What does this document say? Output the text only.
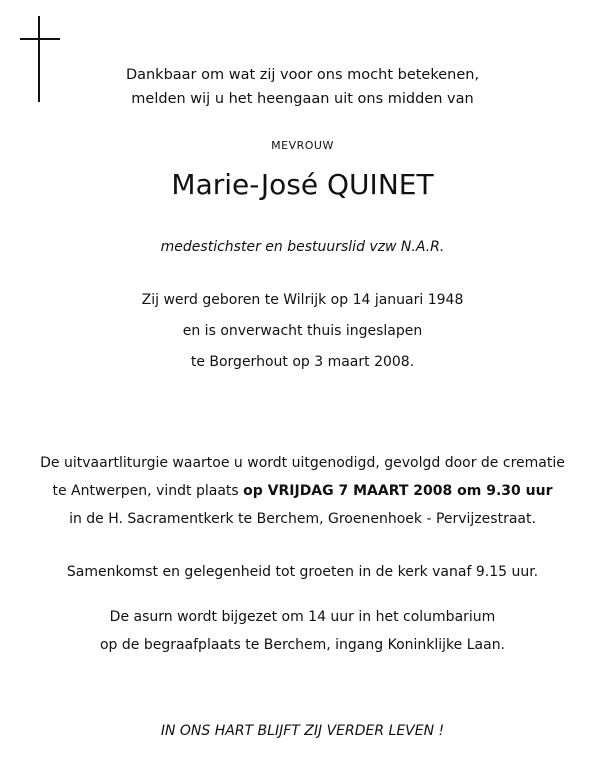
Dankbaar om wat zij voor ons mocht betekenen,
melden wij u het heengaan uit ons midden van
MEVROUW
Marie-José QUINET
medestichster en bestuurslid vzw N.A.R.
Zij werd geboren te Wilrijk op 14 januari 1948
en is onverwacht thuis ingeslapen
te Borgerhout op 3 maart 2008.
De uitvaartliturgie waartoe u wordt uitgenodigd, gevolgd door de crematie
te Antwerpen, vindt plaats op VRIJDAG 7 MAART 2008 om 9.30 uur
in de H. Sacramentkerk te Berchem, Groenenhoek - Pervijzestraat.
Samenkomst en gelegenheid tot groeten in de kerk vanaf 9.15 uur.
De asurn wordt bijgezet om 14 uur in het columbarium
op de begraafplaats te Berchem, ingang Koninklijke Laan.
IN ONS HART BLIJFT ZIJ VERDER LEVEN !
